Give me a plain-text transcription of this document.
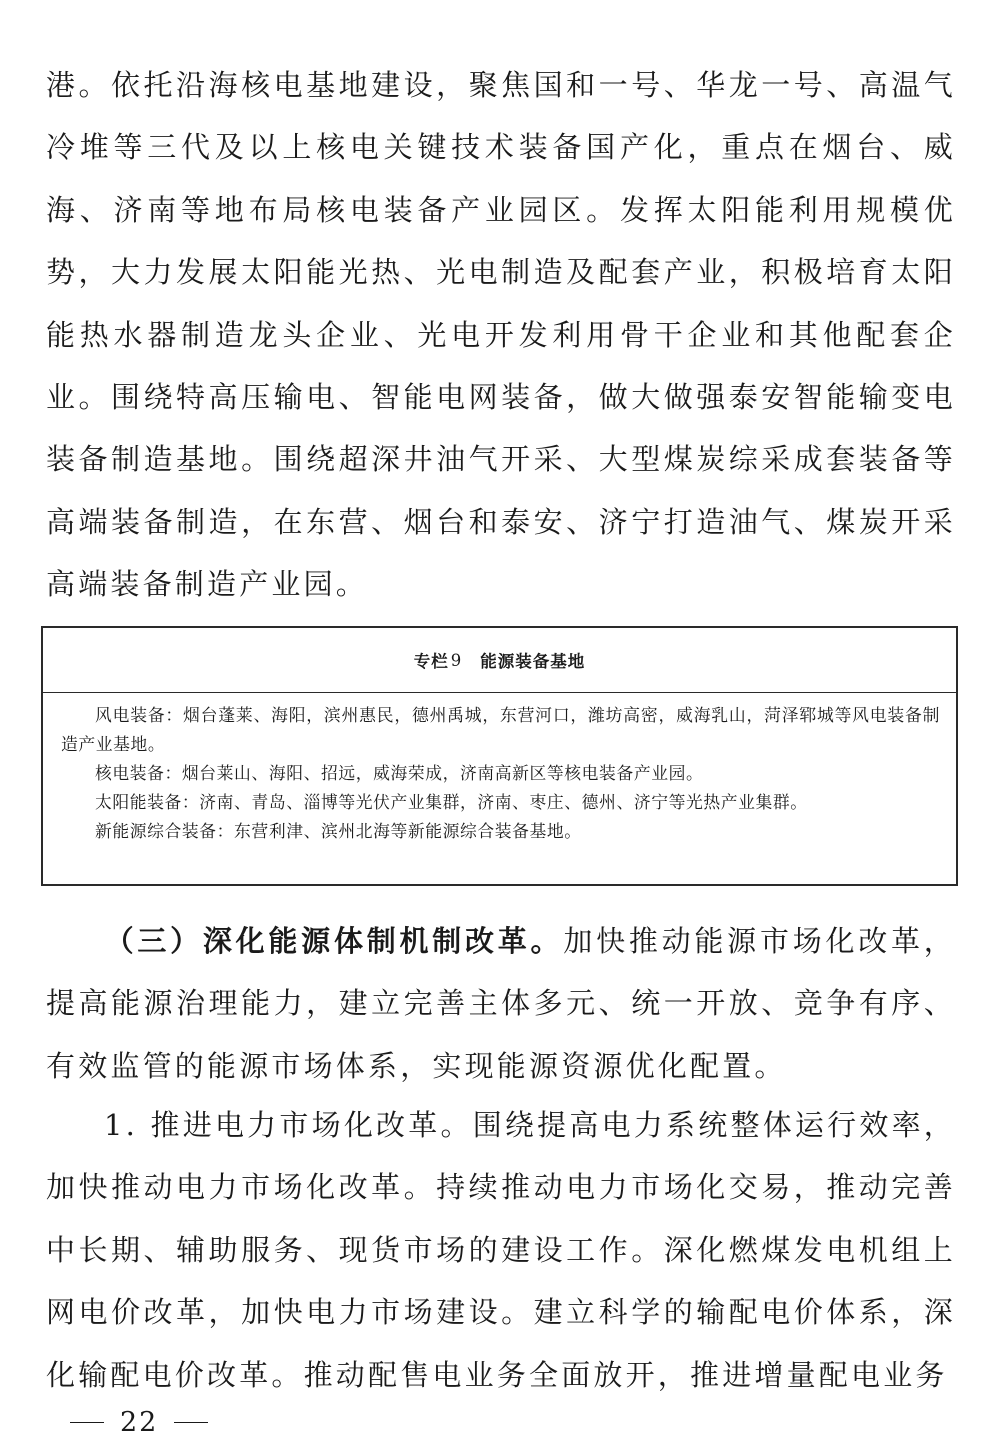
港。依托沿海核电基地建设，聚焦国和一号、华龙一号、高温气冷堆等三代及以上核电关键技术装备国产化，重点在烟台、威海、济南等地布局核电装备产业园区。发挥太阳能利用规模优势，大力发展太阳能光热、光电制造及配套产业，积极培育太阳能热水器制造龙头企业、光电开发利用骨干企业和其他配套企业。围绕特高压输电、智能电网装备，做大做强泰安智能输变电装备制造基地。围绕超深井油气开采、大型煤炭综采成套装备等高端装备制造，在东营、烟台和泰安、济宁打造油气、煤炭开采高端装备制造产业园。

专栏 9 能源装备基地

风电装备：烟台蓬莱、海阳，滨州惠民，德州禹城，东营河口，潍坊高密，威海乳山，菏泽郓城等风电装备制造产业基地。

核电装备：烟台莱山、海阳、招远，威海荣成，济南高新区等核电装备产业园。

太阳能装备：济南、青岛、淄博等光伏产业集群，济南、枣庄、德州、济宁等光热产业集群。

新能源综合装备：东营利津、滨州北海等新能源综合装备基地。

（三）深化能源体制机制改革。加快推动能源市场化改革，提高能源治理能力，建立完善主体多元、统一开放、竞争有序、有效监管的能源市场体系，实现能源资源优化配置。

1. 推进电力市场化改革。围绕提高电力系统整体运行效率，加快推动电力市场化改革。持续推动电力市场化交易，推动完善中长期、辅助服务、现货市场的建设工作。深化燃煤发电机组上网电价改革，加快电力市场建设。建立科学的输配电价体系，深化输配电价改革。推动配售电业务全面放开，推进增量配电业务

22
